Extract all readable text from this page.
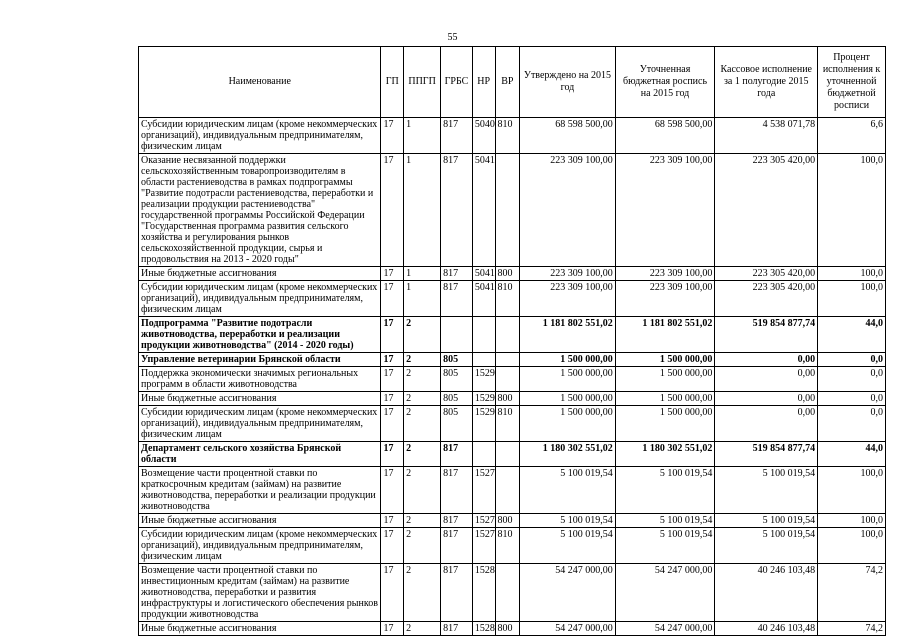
55
Наименование	ГП	ППГП	ГРБС	НР	ВР	Утверждено на 2015 год	Уточненная бюджетная роспись на 2015 год	Кассовое исполнение за 1 полугодие 2015 года	Процент исполнения к уточненной бюджетной росписи
Субсидии юридическим лицам (кроме некоммерческих организаций), индивидуальным предпринимателям, физическим лицам	17	1	817	5040	810	68 598 500,00	68 598 500,00	4 538 071,78	6,6
Оказание несвязанной поддержки сельскохозяйственным товаропроизводителям в области растениеводства в рамках подпрограммы "Развитие подотрасли растениеводства, переработки и реализации продукции растениеводства" государственной программы Российской Федерации "Государственная программа развития сельского хозяйства и регулирования рынков сельскохозяйственной продукции, сырья и продовольствия на 2013 - 2020 годы"	17	1	817	5041		223 309 100,00	223 309 100,00	223 305 420,00	100,0
Иные бюджетные ассигнования	17	1	817	5041	800	223 309 100,00	223 309 100,00	223 305 420,00	100,0
Субсидии юридическим лицам (кроме некоммерческих организаций), индивидуальным предпринимателям, физическим лицам	17	1	817	5041	810	223 309 100,00	223 309 100,00	223 305 420,00	100,0
Подпрограмма "Развитие подотрасли животноводства, переработки и реализации продукции животноводства" (2014 - 2020 годы)	17	2				1 181 802 551,02	1 181 802 551,02	519 854 877,74	44,0
Управление ветеринарии Брянской области	17	2	805			1 500 000,00	1 500 000,00	0,00	0,0
Поддержка экономически значимых региональных программ в области животноводства	17	2	805	1529		1 500 000,00	1 500 000,00	0,00	0,0
Иные бюджетные ассигнования	17	2	805	1529	800	1 500 000,00	1 500 000,00	0,00	0,0
Субсидии юридическим лицам (кроме некоммерческих организаций), индивидуальным предпринимателям, физическим лицам	17	2	805	1529	810	1 500 000,00	1 500 000,00	0,00	0,0
Департамент сельского хозяйства Брянской области	17	2	817			1 180 302 551,02	1 180 302 551,02	519 854 877,74	44,0
Возмещение части процентной ставки по краткосрочным кредитам (займам) на развитие животноводства, переработки и реализации продукции животноводства	17	2	817	1527		5 100 019,54	5 100 019,54	5 100 019,54	100,0
Иные бюджетные ассигнования	17	2	817	1527	800	5 100 019,54	5 100 019,54	5 100 019,54	100,0
Субсидии юридическим лицам (кроме некоммерческих организаций), индивидуальным предпринимателям, физическим лицам	17	2	817	1527	810	5 100 019,54	5 100 019,54	5 100 019,54	100,0
Возмещение части процентной ставки по инвестиционным кредитам (займам) на развитие животноводства, переработки и развития инфраструктуры и логистического обеспечения рынков продукции животноводства	17	2	817	1528		54 247 000,00	54 247 000,00	40 246 103,48	74,2
Иные бюджетные ассигнования	17	2	817	1528	800	54 247 000,00	54 247 000,00	40 246 103,48	74,2
